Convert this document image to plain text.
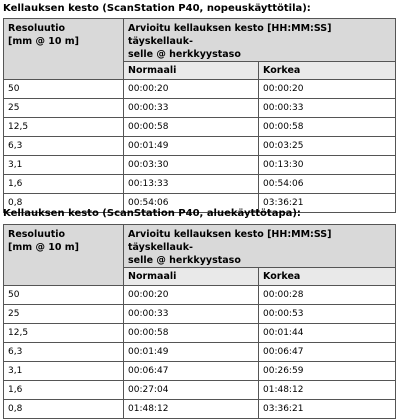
Kellauksen kesto (ScanStation P40, nopeuskäyttötila):
Resoluutio
[mm @ 10 m]	Arvioitu kellauksen kesto [HH:MM:SS] täyskellauk-
selle @ herkkyystaso	
	Normaali	Korkea
50	00:00:20	00:00:20
25	00:00:33	00:00:33
12,5	00:00:58	00:00:58
6,3	00:01:49	00:03:25
3,1	00:03:30	00:13:30
1,6	00:13:33	00:54:06
0,8	00:54:06	03:36:21
Kellauksen kesto (ScanStation P40, aluekäyttötapa):
Resoluutio
[mm @ 10 m]	Arvioitu kellauksen kesto [HH:MM:SS] täyskellauk-
selle @ herkkyystaso	
	Normaali	Korkea
50	00:00:20	00:00:28
25	00:00:33	00:00:53
12,5	00:00:58	00:01:44
6,3	00:01:49	00:06:47
3,1	00:06:47	00:26:59
1,6	00:27:04	01:48:12
0,8	01:48:12	03:36:21
